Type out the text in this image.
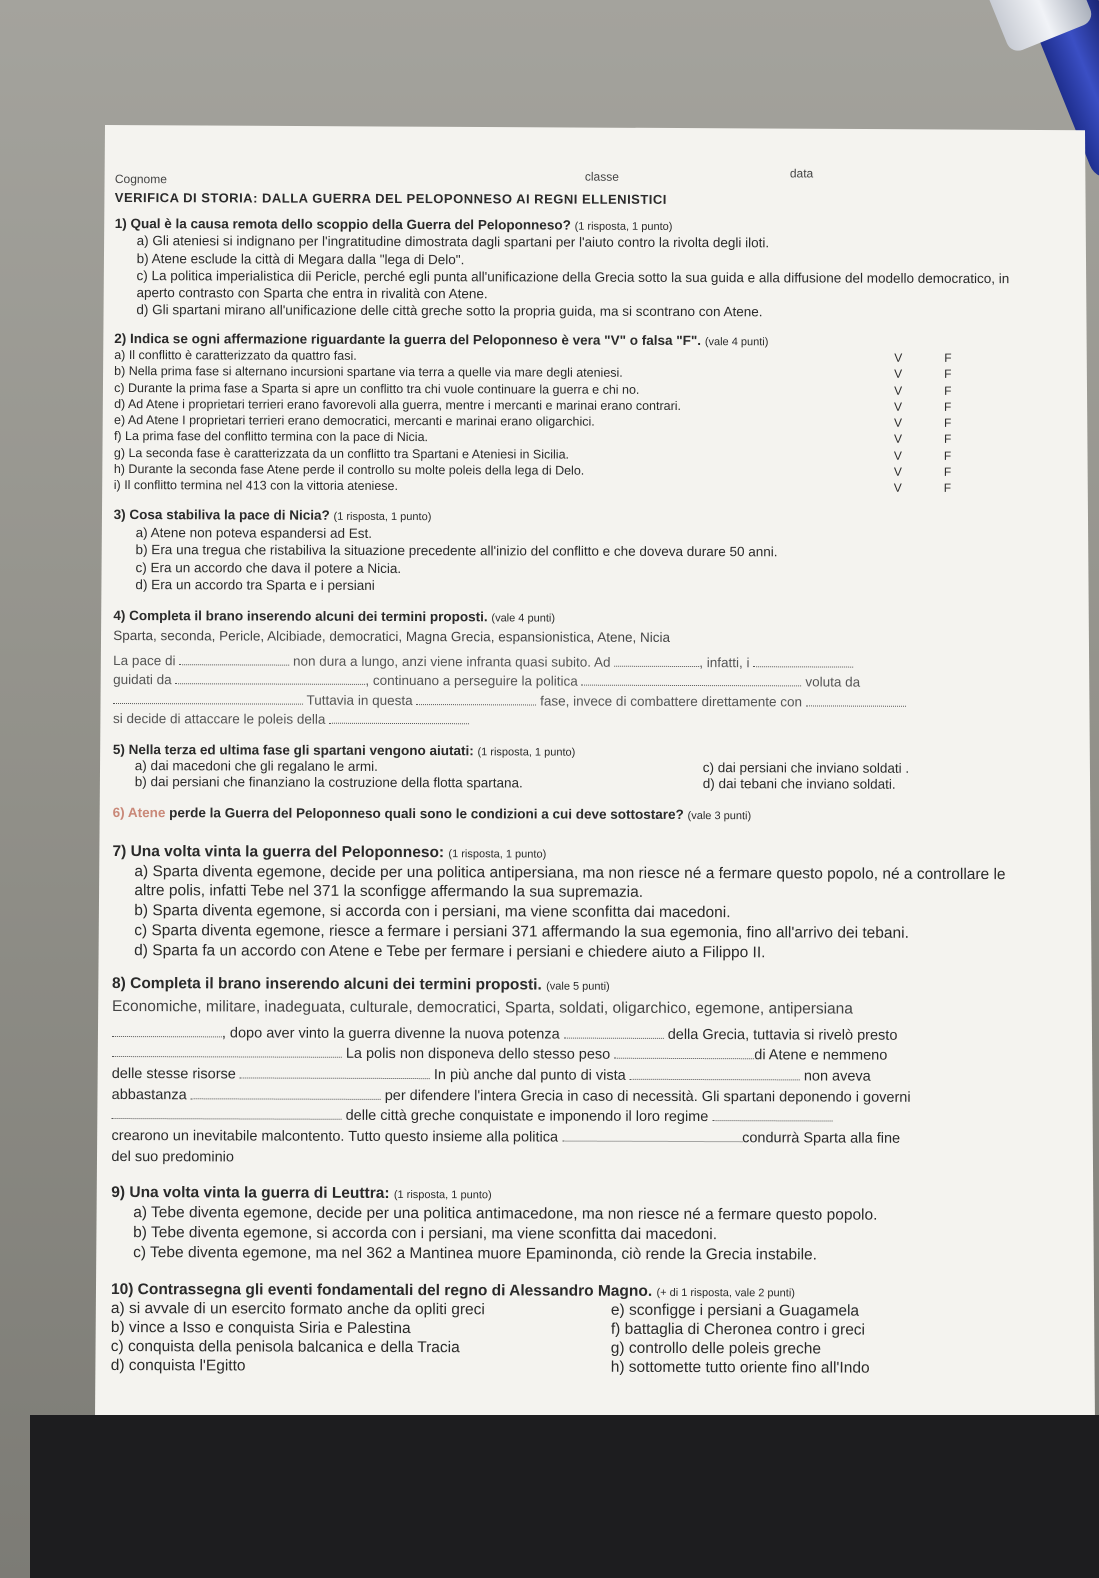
Cognome	classe	data
VERIFICA DI STORIA: DALLA GUERRA DEL PELOPONNESO AI REGNI ELLENISTICI
1) Qual è la causa remota dello scoppio della Guerra del Peloponneso? (1 risposta, 1 punto)
a) Gli ateniesi si indignano per l'ingratitudine dimostrata dagli spartani per l'aiuto contro la rivolta degli iloti.
b) Atene esclude la città di Megara dalla "lega di Delo".
c) La politica imperialistica dii Pericle, perché egli punta all'unificazione della Grecia sotto la sua guida e alla diffusione del modello democratico, in aperto contrasto con Sparta che entra in rivalità con Atene.
d) Gli spartani mirano all'unificazione delle città greche sotto la propria guida, ma si scontrano con Atene.
2) Indica se ogni affermazione riguardante la guerra del Peloponneso è vera "V" o falsa "F". (vale 4 punti)
a) Il conflitto è caratterizzato da quattro fasi.	V	F
b) Nella prima fase si alternano incursioni spartane via terra a quelle via mare degli ateniesi.	V	F
c) Durante la prima fase a Sparta si apre un conflitto tra chi vuole continuare la guerra e chi no.	V	F
d) Ad Atene i proprietari terrieri erano favorevoli alla guerra, mentre i mercanti e marinai erano contrari.	V	F
e) Ad Atene I proprietari terrieri erano democratici, mercanti e marinai erano oligarchici.	V	F
f) La prima fase del conflitto termina con la pace di Nicia.	V	F
g) La seconda fase è caratterizzata da un conflitto tra Spartani e Ateniesi in Sicilia.	V	F
h) Durante la seconda fase Atene perde il controllo su molte poleis della lega di Delo.	V	F
i) Il conflitto termina nel 413 con la vittoria ateniese.	V	F
3) Cosa stabiliva la pace di Nicia? (1 risposta, 1 punto)
a) Atene non poteva espandersi ad Est.
b) Era una tregua che ristabiliva la situazione precedente all'inizio del conflitto e che doveva durare 50 anni.
c) Era un accordo che dava il potere a Nicia.
d) Era un accordo tra Sparta e i persiani
4) Completa il brano inserendo alcuni dei termini proposti. (vale 4 punti)
Sparta, seconda, Pericle, Alcibiade, democratici, Magna Grecia, espansionistica, Atene, Nicia

La pace di	non dura a lungo, anzi viene infranta quasi subito. Ad	, infatti, i

guidati da	, continuano a perseguire la politica	voluta da

Tuttavia in questa	fase, invece di combattere direttamente con

si decide di attaccare le poleis della

5) Nella terza ed ultima fase gli spartani vengono aiutati: (1 risposta, 1 punto)
a) dai macedoni che gli regalano le armi.
b) dai persiani che finanziano la costruzione della flotta spartana.
c) dai persiani che inviano soldati .
d) dai tebani che inviano soldati.
6) Atene perde la Guerra del Peloponneso quali sono le condizioni a cui deve sottostare? (vale 3 punti)
7) Una volta vinta la guerra del Peloponneso: (1 risposta, 1 punto)
a) Sparta diventa egemone, decide per una politica antipersiana, ma non riesce né a fermare questo popolo, né a controllare le altre polis, infatti Tebe nel 371 la sconfigge affermando la sua supremazia.
b) Sparta diventa egemone, si accorda con i persiani, ma viene sconfitta dai macedoni.
c) Sparta diventa egemone, riesce a fermare i persiani 371 affermando la sua egemonia, fino all'arrivo dei tebani.
d) Sparta fa un accordo con Atene e Tebe per fermare i persiani e chiedere aiuto a Filippo II.
8) Completa il brano inserendo alcuni dei termini proposti. (vale 5 punti)
Economiche, militare, inadeguata, culturale, democratici, Sparta, soldati, oligarchico, egemone, antipersiana

, dopo aver vinto la guerra divenne la nuova potenza	della Grecia, tuttavia si rivelò presto

La polis non disponeva dello stesso peso	di Atene e nemmeno

delle stesse risorse	In più anche dal punto di vista	non aveva

abbastanza	per difendere l'intera Grecia in caso di necessità. Gli spartani deponendo i governi

delle città greche conquistate e imponendo il loro regime

crearono un inevitabile malcontento. Tutto questo insieme alla politica	condurrà Sparta alla fine

del suo predominio

9) Una volta vinta la guerra di Leuttra: (1 risposta, 1 punto)
a) Tebe diventa egemone, decide per una politica antimacedone, ma non riesce né a fermare questo popolo.
b) Tebe diventa egemone, si accorda con i persiani, ma viene sconfitta dai macedoni.
c) Tebe diventa egemone, ma nel 362 a Mantinea muore Epaminonda, ciò rende la Grecia instabile.
10) Contrassegna gli eventi fondamentali del regno di Alessandro Magno. (+ di 1 risposta, vale 2 punti)
a) si avvale di un esercito formato anche da opliti greci
b) vince a Isso e conquista Siria e Palestina
c) conquista della penisola balcanica e della Tracia
d) conquista l'Egitto
e) sconfigge i persiani a Guagamela
f) battaglia di Cheronea contro i greci
g) controllo delle poleis greche
h) sottomette tutto oriente fino all'Indo
